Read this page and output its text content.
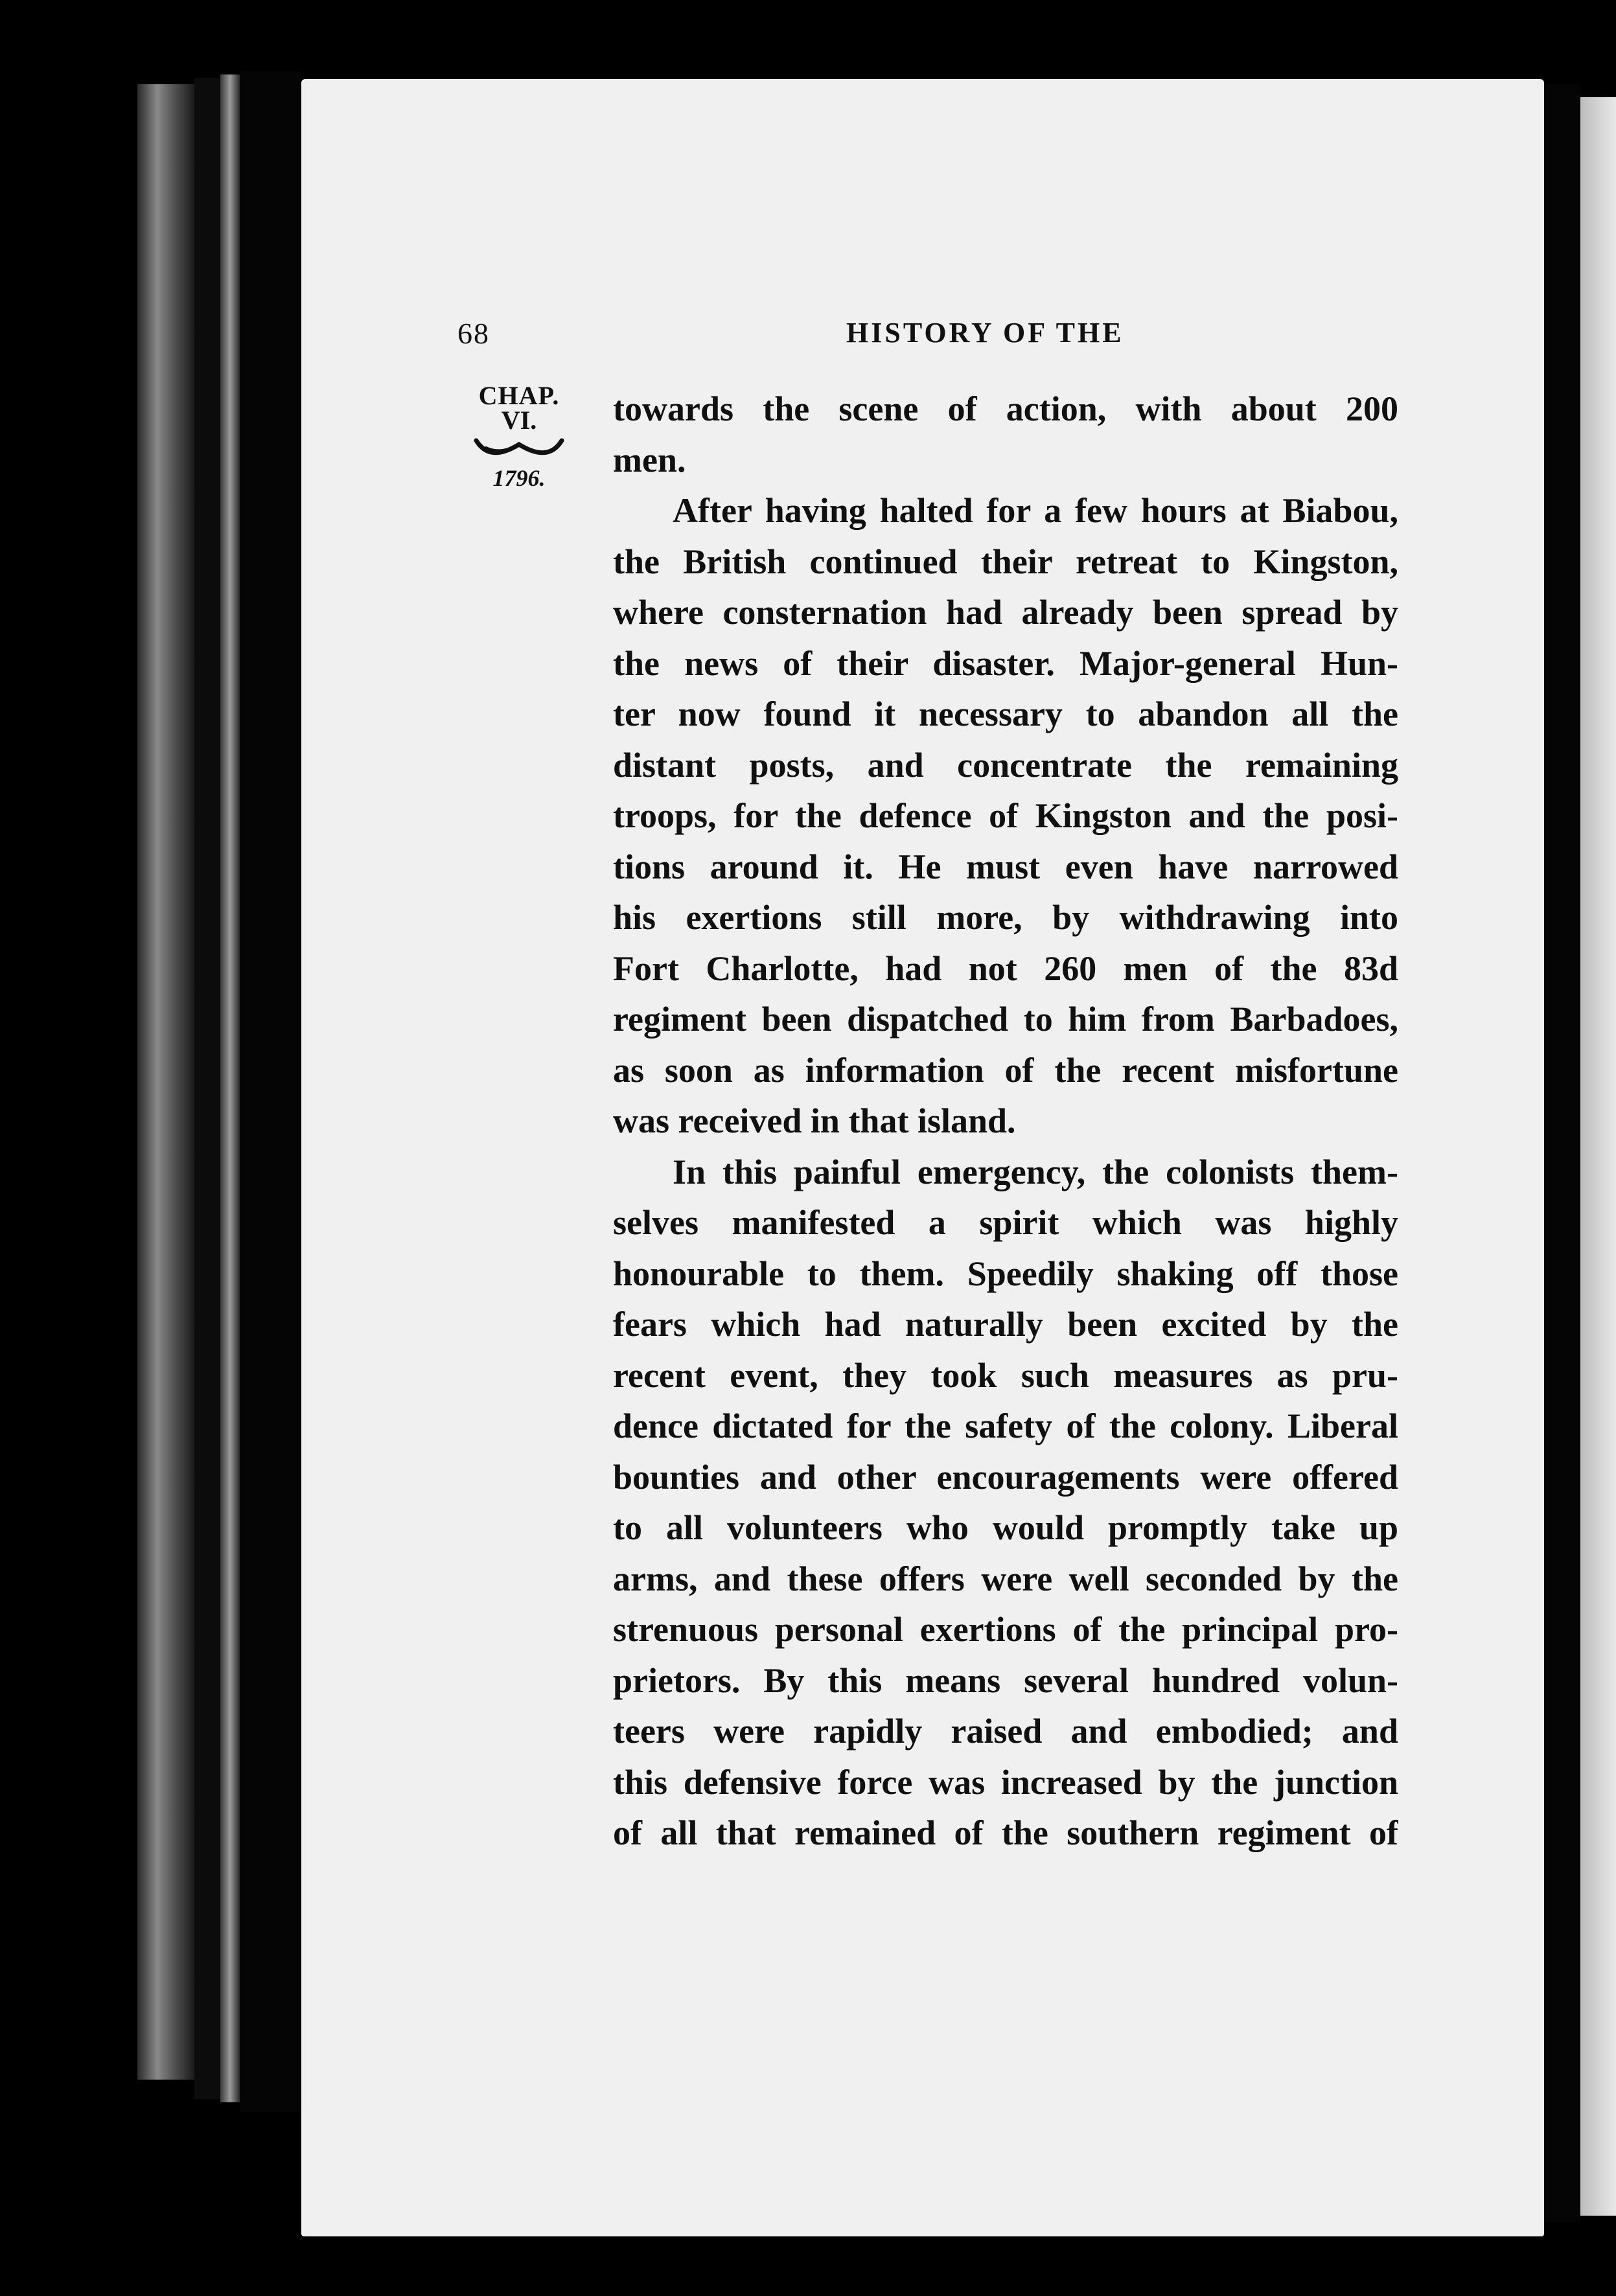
68	HISTORY OF THE
CHAP.
VI.
1796.
towards the scene of action, with about 200
men.
After having halted for a few hours at Biabou,
the British continued their retreat to Kingston,
where consternation had already been spread by
the news of their disaster. Major-general Hun-
ter now found it necessary to abandon all the
distant posts, and concentrate the remaining
troops, for the defence of Kingston and the posi-
tions around it. He must even have narrowed
his exertions still more, by withdrawing into
Fort Charlotte, had not 260 men of the 83d
regiment been dispatched to him from Barbadoes,
as soon as information of the recent misfortune
was received in that island.
In this painful emergency, the colonists them-
selves manifested a spirit which was highly
honourable to them. Speedily shaking off those
fears which had naturally been excited by the
recent event, they took such measures as pru-
dence dictated for the safety of the colony. Liberal
bounties and other encouragements were offered
to all volunteers who would promptly take up
arms, and these offers were well seconded by the
strenuous personal exertions of the principal pro-
prietors. By this means several hundred volun-
teers were rapidly raised and embodied; and
this defensive force was increased by the junction
of all that remained of the southern regiment of
